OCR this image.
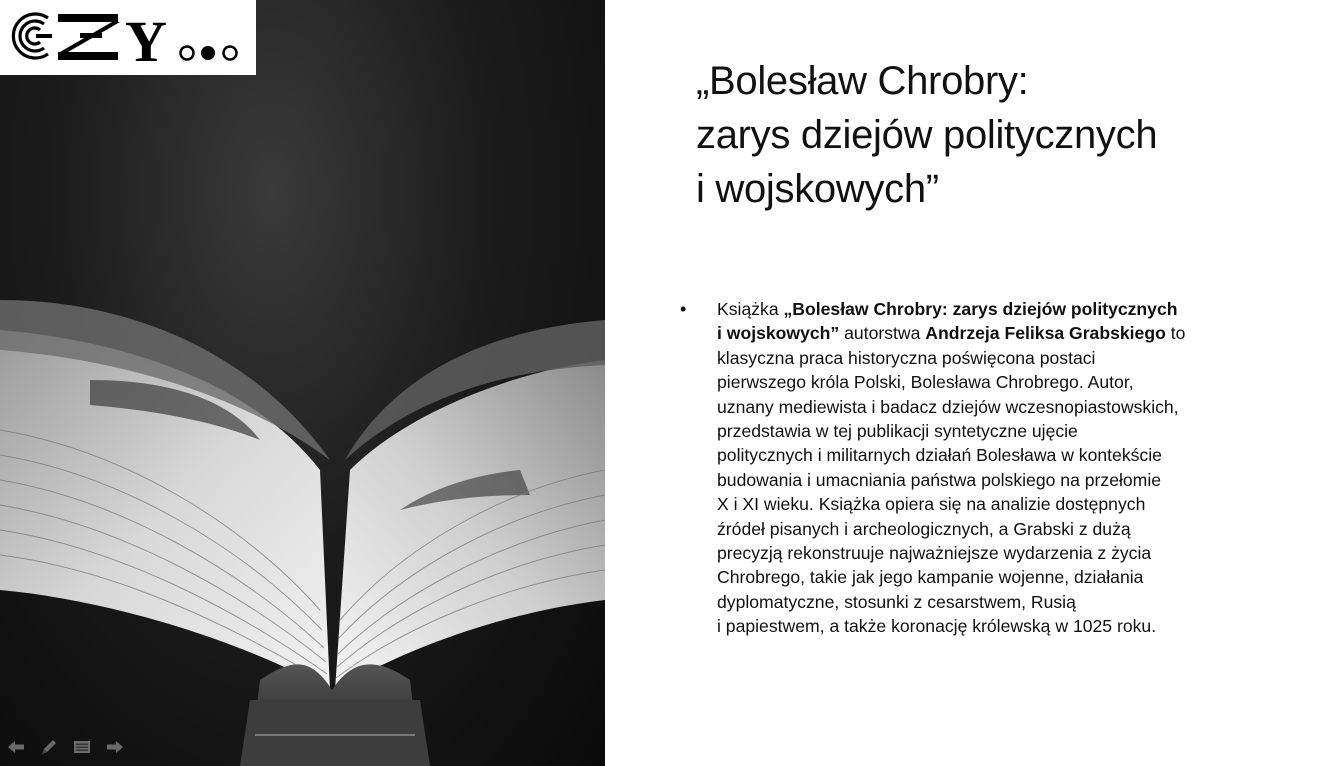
Y
„Bolesław Chrobry:
zarys dziejów politycznych
i wojskowych”
• Książka „Bolesław Chrobry: zarys dziejów politycznych
i wojskowych” autorstwa Andrzeja Feliksa Grabskiego to
klasyczna praca historyczna poświęcona postaci
pierwszego króla Polski, Bolesława Chrobrego. Autor,
uznany mediewista i badacz dziejów wczesnopiastowskich,
przedstawia w tej publikacji syntetyczne ujęcie
politycznych i militarnych działań Bolesława w kontekście
budowania i umacniania państwa polskiego na przełomie
X i XI wieku. Książka opiera się na analizie dostępnych
źródeł pisanych i archeologicznych, a Grabski z dużą
precyzją rekonstruuje najważniejsze wydarzenia z życia
Chrobrego, takie jak jego kampanie wojenne, działania
dyplomatyczne, stosunki z cesarstwem, Rusią
i papiestwem, a także koronację królewską w 1025 roku.
